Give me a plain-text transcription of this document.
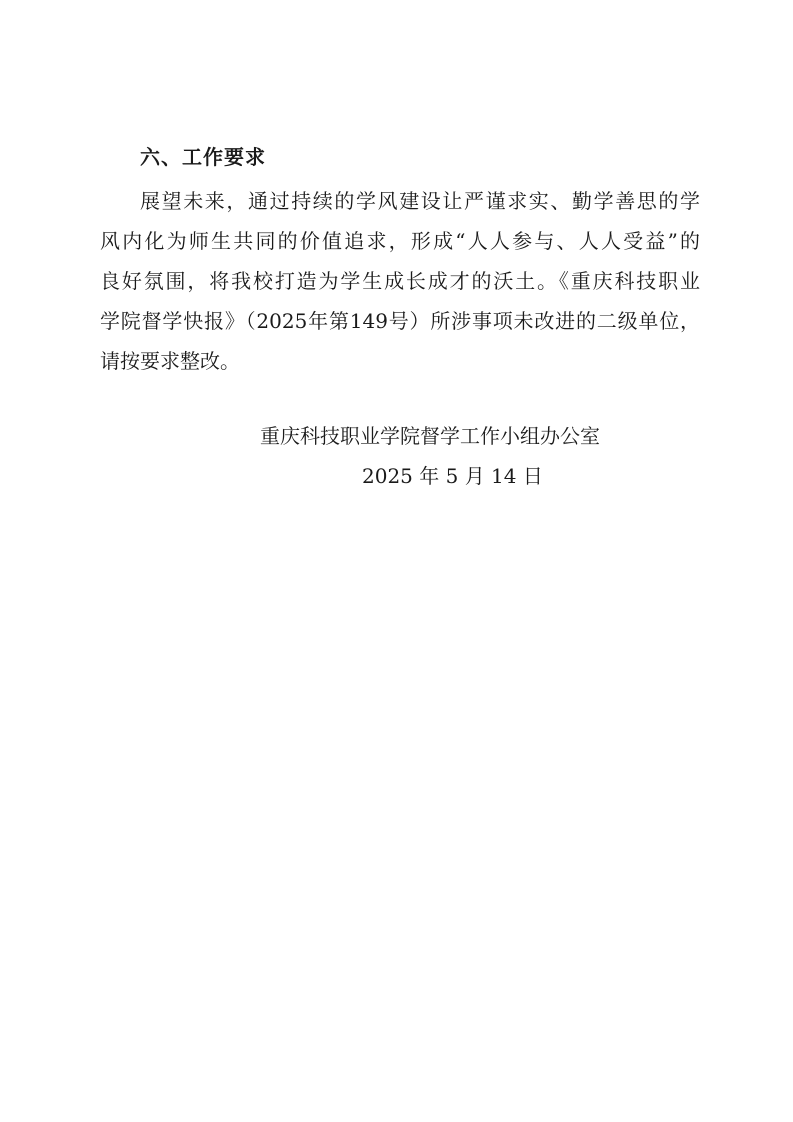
六、工作要求
展望未来，通过持续的学风建设让严谨求实、勤学善思的学
风内化为师生共同的价值追求，形成“人人参与、人人受益”的
良好氛围，将我校打造为学生成长成才的沃土。《重庆科技职业
学院督学快报》（2025年第149号）所涉事项未改进的二级单位，
请按要求整改。
重庆科技职业学院督学工作小组办公室
2025 年 5 月 14 日
